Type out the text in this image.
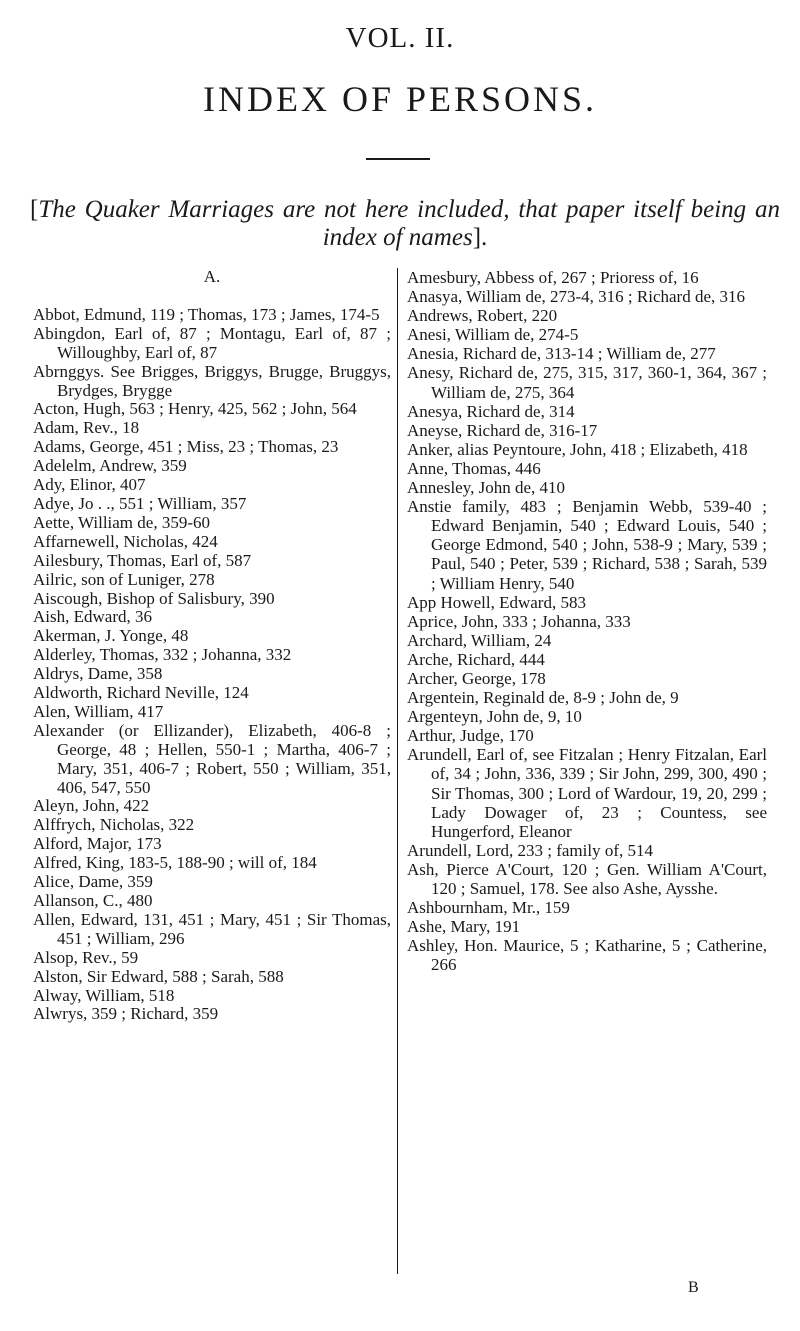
VOL. II.
INDEX OF PERSONS.
[The Quaker Marriages are not here included, that paper itself being an index of names].
A.
Abbot, Edmund, 119 ; Thomas, 173 ; James, 174-5
Abingdon, Earl of, 87 ; Montagu, Earl of, 87 ; Willoughby, Earl of, 87
Abrnggys. See Brigges, Briggys, Brugge, Bruggys, Brydges, Brygge
Acton, Hugh, 563 ; Henry, 425, 562 ; John, 564
Adam, Rev., 18
Adams, George, 451 ; Miss, 23 ; Thomas, 23
Adelelm, Andrew, 359
Ady, Elinor, 407
Adye, Jo . ., 551 ; William, 357
Aette, William de, 359-60
Affarnewell, Nicholas, 424
Ailesbury, Thomas, Earl of, 587
Ailric, son of Luniger, 278
Aiscough, Bishop of Salisbury, 390
Aish, Edward, 36
Akerman, J. Yonge, 48
Alderley, Thomas, 332 ; Johanna, 332
Aldrys, Dame, 358
Aldworth, Richard Neville, 124
Alen, William, 417
Alexander (or Ellizander), Elizabeth, 406-8 ; George, 48 ; Hellen, 550-1 ; Martha, 406-7 ; Mary, 351, 406-7 ; Robert, 550 ; William, 351, 406, 547, 550
Aleyn, John, 422
Alffrych, Nicholas, 322
Alford, Major, 173
Alfred, King, 183-5, 188-90 ; will of, 184
Alice, Dame, 359
Allanson, C., 480
Allen, Edward, 131, 451 ; Mary, 451 ; Sir Thomas, 451 ; William, 296
Alsop, Rev., 59
Alston, Sir Edward, 588 ; Sarah, 588
Alway, William, 518
Alwrys, 359 ; Richard, 359
Amesbury, Abbess of, 267 ; Prioress of, 16
Anasya, William de, 273-4, 316 ; Richard de, 316
Andrews, Robert, 220
Anesi, William de, 274-5
Anesia, Richard de, 313-14 ; William de, 277
Anesy, Richard de, 275, 315, 317, 360-1, 364, 367 ; William de, 275, 364
Anesya, Richard de, 314
Aneyse, Richard de, 316-17
Anker, alias Peyntoure, John, 418 ; Elizabeth, 418
Anne, Thomas, 446
Annesley, John de, 410
Anstie family, 483 ; Benjamin Webb, 539-40 ; Edward Benjamin, 540 ; Edward Louis, 540 ; George Edmond, 540 ; John, 538-9 ; Mary, 539 ; Paul, 540 ; Peter, 539 ; Richard, 538 ; Sarah, 539 ; William Henry, 540
App Howell, Edward, 583
Aprice, John, 333 ; Johanna, 333
Archard, William, 24
Arche, Richard, 444
Archer, George, 178
Argentein, Reginald de, 8-9 ; John de, 9
Argenteyn, John de, 9, 10
Arthur, Judge, 170
Arundell, Earl of, see Fitzalan ; Henry Fitzalan, Earl of, 34 ; John, 336, 339 ; Sir John, 299, 300, 490 ; Sir Thomas, 300 ; Lord of Wardour, 19, 20, 299 ; Lady Dowager of, 23 ; Countess, see Hungerford, Eleanor
Arundell, Lord, 233 ; family of, 514
Ash, Pierce A'Court, 120 ; Gen. William A'Court, 120 ; Samuel, 178. See also Ashe, Aysshe.
Ashbournham, Mr., 159
Ashe, Mary, 191
Ashley, Hon. Maurice, 5 ; Katharine, 5 ; Catherine, 266
B
